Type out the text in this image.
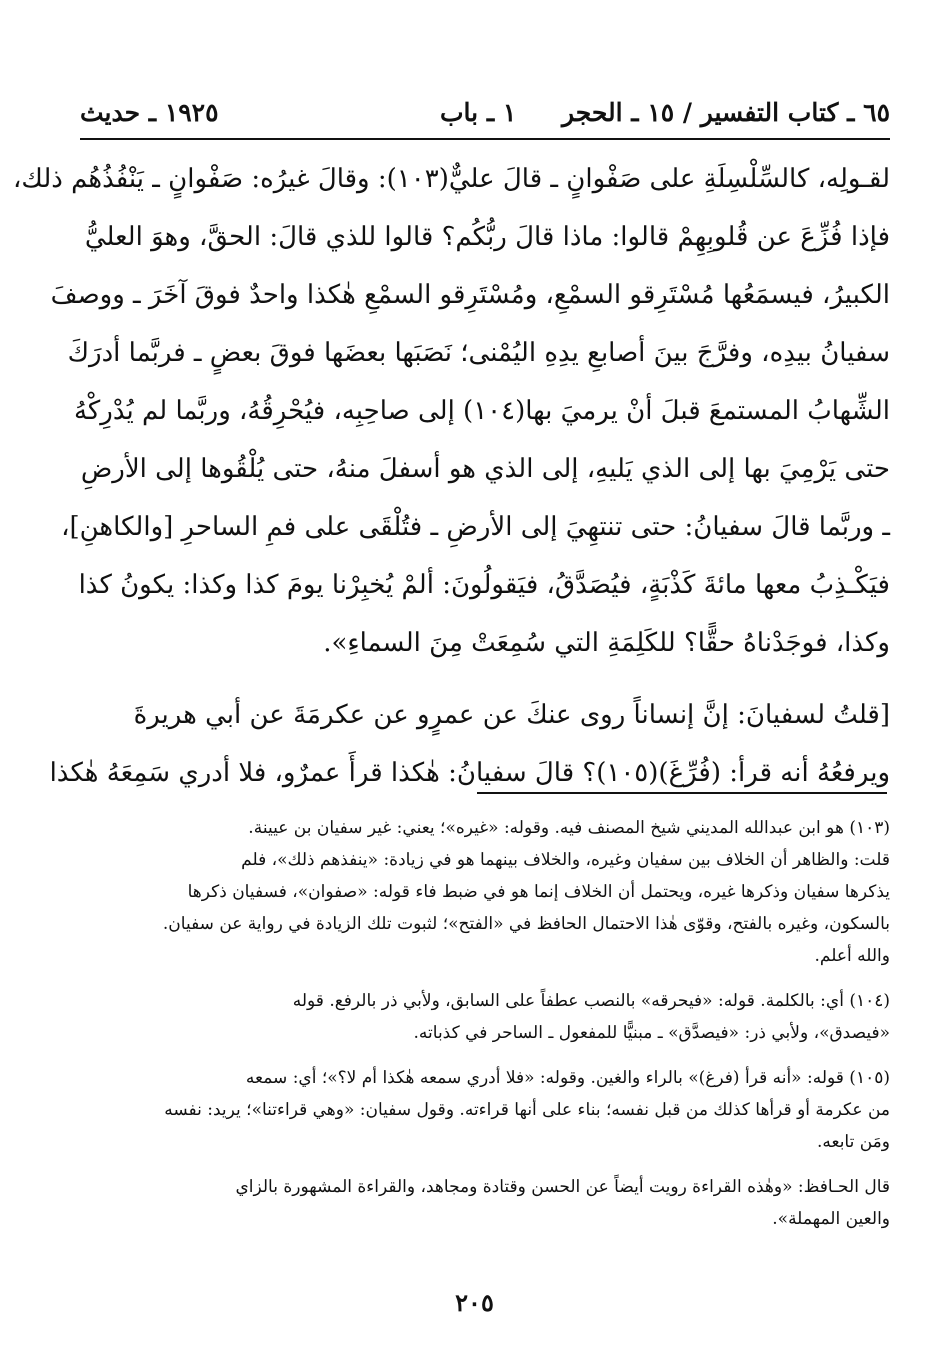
٦٥ ـ كتاب التفسير / ١٥ ـ الحجر
١ ـ باب
١٩٢٥ ـ حديث
لقـولِه، كالسِّلْسِلَةِ على صَفْوانٍ ـ قالَ عليٌّ(١٠٣): وقالَ غيرُه: صَفْوانٍ ـ يَنْفُذُهُم ذلك،
فإذا فُزِّعَ عن قُلوبِهِمْ قالوا: ماذا قالَ ربُّكُم؟ قالوا للذي قالَ: الحقَّ، وهوَ العليُّ
الكبيرُ، فيسمَعُها مُسْتَرِقو السمْعِ، ومُسْتَرِقو السمْعِ هٰكذا واحدٌ فوقَ آخَرَ ـ ووصفَ
سفيانُ بيدِه، وفرَّجَ بينَ أصابعِ يدِهِ اليُمْنى؛ نَصَبَها بعضَها فوقَ بعضٍ ـ فربَّما أدرَكَ
الشِّهابُ المستمعَ قبلَ أنْ يرميَ بها(١٠٤) إلى صاحِبِه، فيُحْرِقُهُ، وربَّما لم يُدْرِكْهُ
حتى يَرْمِيَ بها إلى الذي يَليهِ، إلى الذي هو أسفلَ منهُ، حتى يُلْقُوها إلى الأرضِ
ـ وربَّما قالَ سفيانُ: حتى تنتهِيَ إلى الأرضِ ـ فتُلْقَى على فمِ الساحرِ [والكاهنِ]،
فيَكْـذِبُ معها مائةَ كَذْبَةٍ، فيُصَدَّقُ، فيَقولُونَ: ألمْ يُخبِرْنا يومَ كذا وكذا: يكونُ كذا
وكذا، فوجَدْناهُ حقًّا؟ للكَلِمَةِ التي سُمِعَتْ مِنَ السماءِ».
[قلتُ لسفيانَ: إنَّ إنساناً روى عنكَ عن عمرٍو عن عكرمَةَ عن أبي هريرةَ
ويرفعُهُ أنه قرأ: (فُرِّغَ)(١٠٥)؟ قالَ سفيانُ: هٰكذا قرأَ عمرٌو، فلا أدري سَمِعَهُ هٰكذا
(١٠٣) هو ابن عبدالله المديني شيخ المصنف فيه. وقوله: «غيره»؛ يعني: غير سفيان بن عيينة.
قلت: والظاهر أن الخلاف بين سفيان وغيره، والخلاف بينهما هو في زيادة: «ينفذهم ذلك»، فلم
يذكرها سفيان وذكرها غيره، ويحتمل أن الخلاف إنما هو في ضبط فاء قوله: «صفوان»، فسفيان ذكرها
بالسكون، وغيره بالفتح، وقوّى هٰذا الاحتمال الحافظ في «الفتح»؛ لثبوت تلك الزيادة في رواية عن سفيان.
والله أعلم.
(١٠٤) أي: بالكلمة. قوله: «فيحرقه» بالنصب عطفاً على السابق، ولأبي ذر بالرفع. قوله
«فيصدق»، ولأبي ذر: «فيصدَّق» ـ مبنيًّا للمفعول ـ الساحر في كذباته.
(١٠٥) قوله: «أنه قرأ (فرغ)» بالراء والغين. وقوله: «فلا أدري سمعه هٰكذا أم لا؟»؛ أي: سمعه
من عكرمة أو قرأها كذلك من قبل نفسه؛ بناء على أنها قراءته. وقول سفيان: «وهي قراءتنا»؛ يريد: نفسه
ومَن تابعه.
قال الحـافظ: «وهٰذه القراءة رويت أيضاً عن الحسن وقتادة ومجاهد، والقراءة المشهورة بالزاي
والعين المهملة».
٢٠٥
